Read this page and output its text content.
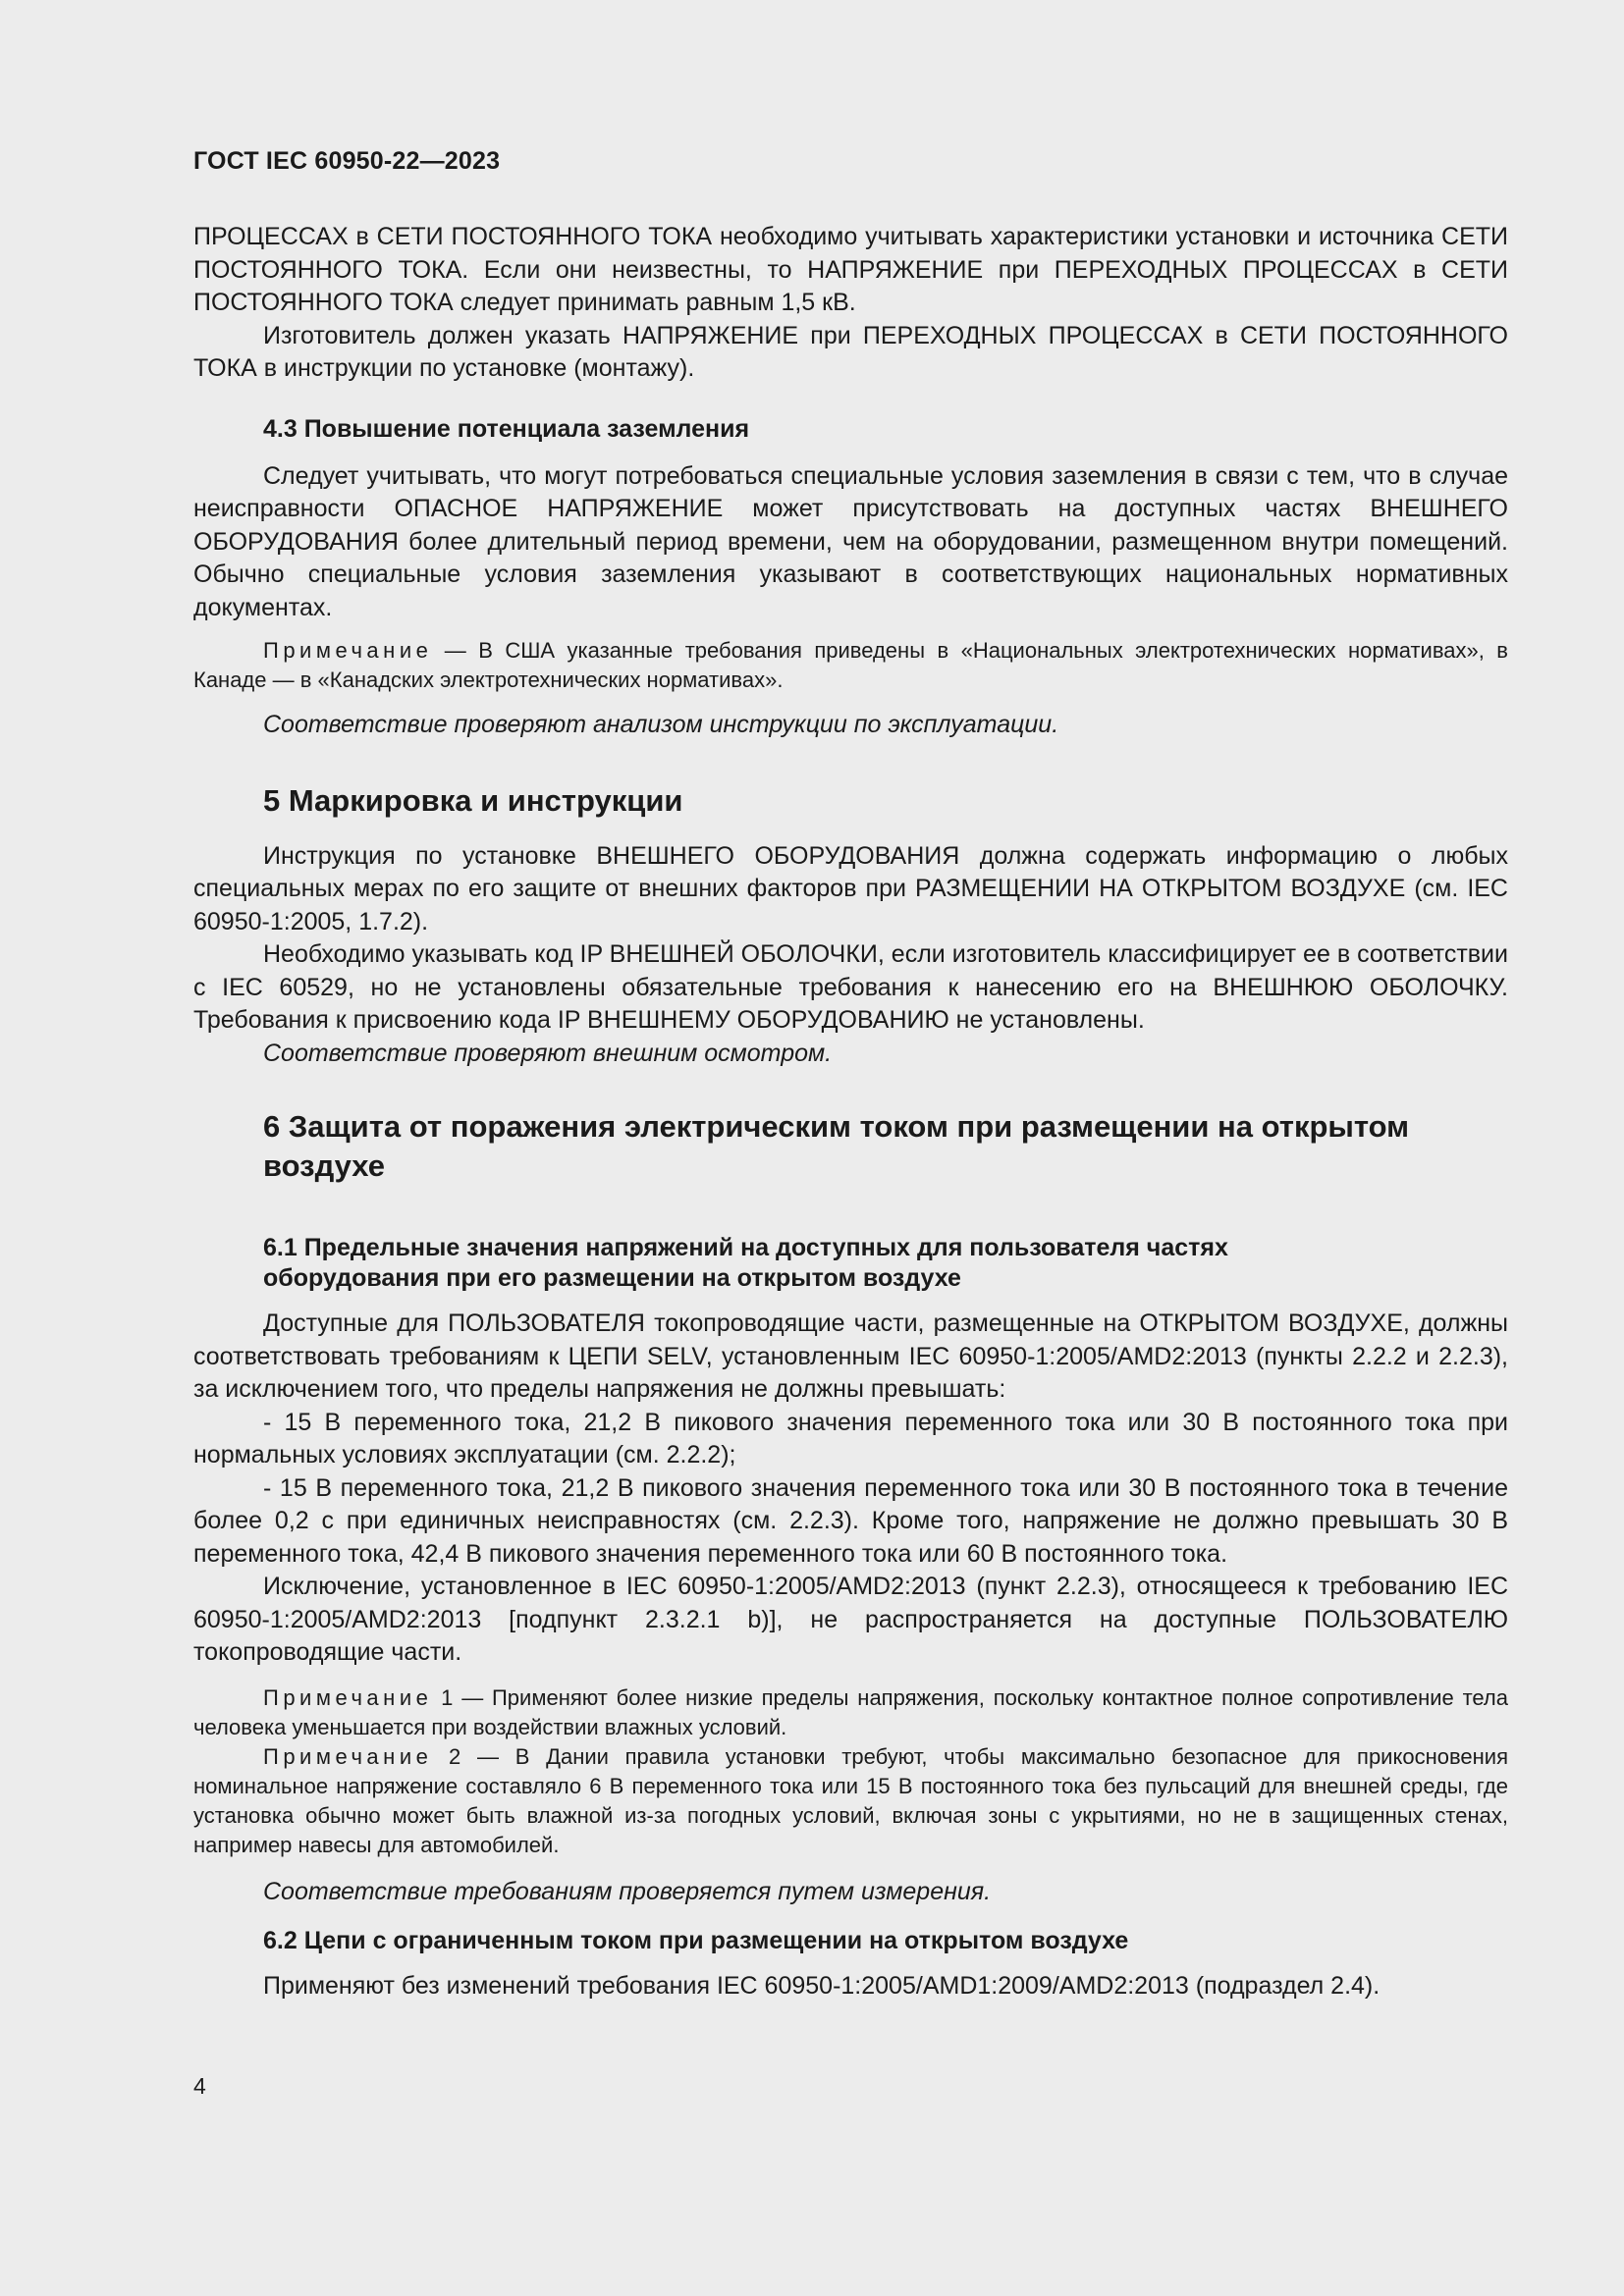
ГОСТ IEC 60950-22—2023

ПРОЦЕССАХ в СЕТИ ПОСТОЯННОГО ТОКА необходимо учитывать характеристики установки и источника СЕТИ ПОСТОЯННОГО ТОКА. Если они неизвестны, то НАПРЯЖЕНИЕ при ПЕРЕХОДНЫХ ПРОЦЕССАХ в СЕТИ ПОСТОЯННОГО ТОКА следует принимать равным 1,5 кВ.

Изготовитель должен указать НАПРЯЖЕНИЕ при ПЕРЕХОДНЫХ ПРОЦЕССАХ в СЕТИ ПОСТОЯННОГО ТОКА в инструкции по установке (монтажу).

4.3 Повышение потенциала заземления

Следует учитывать, что могут потребоваться специальные условия заземления в связи с тем, что в случае неисправности ОПАСНОЕ НАПРЯЖЕНИЕ может присутствовать на доступных частях ВНЕШНЕГО ОБОРУДОВАНИЯ более длительный период времени, чем на оборудовании, размещенном внутри помещений. Обычно специальные условия заземления указывают в соответствующих национальных нормативных документах.

Примечание — В США указанные требования приведены в «Национальных электротехнических нормативах», в Канаде — в «Канадских электротехнических нормативах».

Соответствие проверяют анализом инструкции по эксплуатации.

5 Маркировка и инструкции

Инструкция по установке ВНЕШНЕГО ОБОРУДОВАНИЯ должна содержать информацию о любых специальных мерах по его защите от внешних факторов при РАЗМЕЩЕНИИ НА ОТКРЫТОМ ВОЗДУХЕ (см. IEC 60950-1:2005, 1.7.2).

Необходимо указывать код IP ВНЕШНЕЙ ОБОЛОЧКИ, если изготовитель классифицирует ее в соответствии с IEC 60529, но не установлены обязательные требования к нанесению его на ВНЕШНЮЮ ОБОЛОЧКУ. Требования к присвоению кода IP ВНЕШНЕМУ ОБОРУДОВАНИЮ не установлены.

Соответствие проверяют внешним осмотром.

6 Защита от поражения электрическим током при размещении на открытом
воздухе
6.1 Предельные значения напряжений на доступных для пользователя частях
оборудования при его размещении на открытом воздухе

Доступные для ПОЛЬЗОВАТЕЛЯ токопроводящие части, размещенные на ОТКРЫТОМ ВОЗДУХЕ, должны соответствовать требованиям к ЦЕПИ SELV, установленным IEC 60950-1:2005/AMD2:2013 (пункты 2.2.2 и 2.2.3), за исключением того, что пределы напряжения не должны превышать:

- 15 В переменного тока, 21,2 В пикового значения переменного тока или 30 В постоянного тока при нормальных условиях эксплуатации (см. 2.2.2);

- 15 В переменного тока, 21,2 В пикового значения переменного тока или 30 В постоянного тока в течение более 0,2 с при единичных неисправностях (см. 2.2.3). Кроме того, напряжение не должно превышать 30 В переменного тока, 42,4 В пикового значения переменного тока или 60 В постоянного тока.

Исключение, установленное в IEC 60950-1:2005/AMD2:2013 (пункт 2.2.3), относящееся к требованию IEC 60950-1:2005/AMD2:2013 [подпункт 2.3.2.1 b)], не распространяется на доступные ПОЛЬЗОВАТЕЛЮ токопроводящие части.

Примечание 1 — Применяют более низкие пределы напряжения, поскольку контактное полное сопротивление тела человека уменьшается при воздействии влажных условий.

Примечание 2 — В Дании правила установки требуют, чтобы максимально безопасное для прикосновения номинальное напряжение составляло 6 В переменного тока или 15 В постоянного тока без пульсаций для внешней среды, где установка обычно может быть влажной из-за погодных условий, включая зоны с укрытиями, но не в защищенных стенах, например навесы для автомобилей.

Соответствие требованиям проверяется путем измерения.

6.2 Цепи с ограниченным током при размещении на открытом воздухе

Применяют без изменений требования IEC 60950-1:2005/AMD1:2009/AMD2:2013 (подраздел 2.4).

4
